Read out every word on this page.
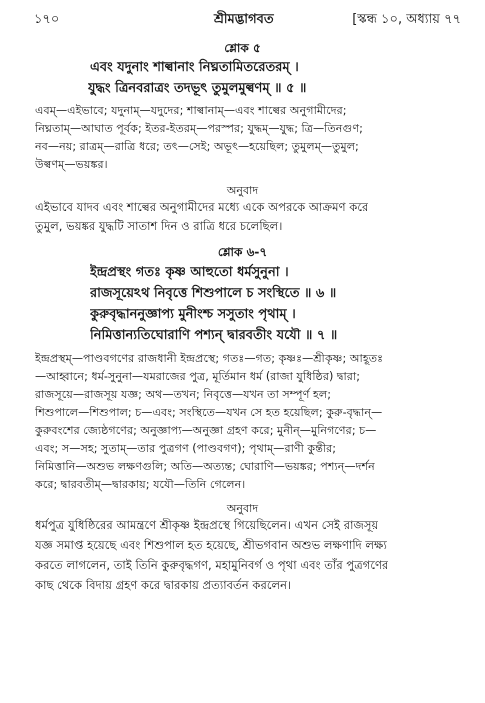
১৭০	শ্রীমদ্ভাগবত	[স্কন্ধ ১০, অধ্যায় ৭৭
শ্লোক ৫
এবং যদুনাং শাল্বানাং নিঘ্নতামিতরেতরম্ ।
যুদ্ধং ত্রিনবরাত্রং তদভূৎ তুমুলমুল্বণম্ ॥ ৫ ॥
এবম্—এইভাবে; যদুনাম্—যদুদের; শাল্বানাম্—এবং শাল্বের অনুগামীদের;
নিঘ্নতাম্—আঘাত পূর্বক; ইতর-ইতরম্—পরস্পর; যুদ্ধম্—যুদ্ধ; ত্রি—তিনগুণ;
নব—নয়; রাত্রম্—রাত্রি ধরে; তৎ—সেই; অভূৎ—হয়েছিল; তুমুলম্—তুমুল;
উল্বণম্—ভয়ঙ্কর।
অনুবাদ
এইভাবে যাদব এবং শাল্বের অনুগামীদের মধ্যে একে অপরকে আক্রমণ করে
তুমুল, ভয়ঙ্কর যুদ্ধটি সাতাশ দিন ও রাত্রি ধরে চলেছিল।
শ্লোক ৬-৭
ইন্দ্রপ্রস্থং গতঃ কৃষ্ণ আহুতো ধর্মসুনুনা ।
রাজসূয়েঽথ নিবৃত্তে শিশুপালে চ সংস্থিতে ॥ ৬ ॥
কুরুবৃদ্ধাননুজ্ঞাপ্য মুনীংশ্চ সসুতাং পৃথাম্ ।
নিমিত্তান্যতিঘোরাণি পশ্যন্ দ্বারবতীং যযৌ ॥ ৭ ॥
ইন্দ্রপ্রস্থম্—পাণ্ডবগণের রাজধানী ইন্দ্রপ্রস্থে; গতঃ—গত; কৃষ্ণঃ—শ্রীকৃষ্ণ; আহূতঃ
—আহ্বানে; ধর্ম-সুনুনা—যমরাজের পুত্র, মূর্তিমান ধর্ম (রাজা যুধিষ্ঠির) দ্বারা;
রাজসূয়ে—রাজসূয় যজ্ঞ; অথ—তখন; নিবৃত্তে—যখন তা সম্পূর্ণ হল;
শিশুপালে—শিশুপাল; চ—এবং; সংস্থিতে—যখন সে হত হয়েছিল; কুরু-বৃদ্ধান্—
কুরুবংশের জ্যেষ্ঠগণের; অনুজ্ঞাপ্য—অনুজ্ঞা গ্রহণ করে; মুনীন্—মুনিগণের; চ—
এবং; স—সহ; সুতাম্—তার পুত্রগণ (পাণ্ডবগণ); পৃথাম্—রাণী কুন্তীর;
নিমিত্তানি—অশুভ লক্ষণগুলি; অতি—অত্যন্ত; ঘোরাণি—ভয়ঙ্কর; পশ্যন্—দর্শন
করে; দ্বারবতীম্—দ্বারকায়; যযৌ—তিনি গেলেন।
অনুবাদ
ধর্মপুত্র যুধিষ্ঠিরের আমন্ত্রণে শ্রীকৃষ্ণ ইন্দ্রপ্রস্থে গিয়েছিলেন। এখন সেই রাজসূয়
যজ্ঞ সমাপ্ত হয়েছে এবং শিশুপাল হত হয়েছে, শ্রীভগবান অশুভ লক্ষণাদি লক্ষ্য
করতে লাগলেন, তাই তিনি কুরুবৃদ্ধগণ, মহামুনিবর্গ ও পৃথা এবং তাঁর পুত্রগণের
কাছ থেকে বিদায় গ্রহণ করে দ্বারকায় প্রত্যাবর্তন করলেন।
